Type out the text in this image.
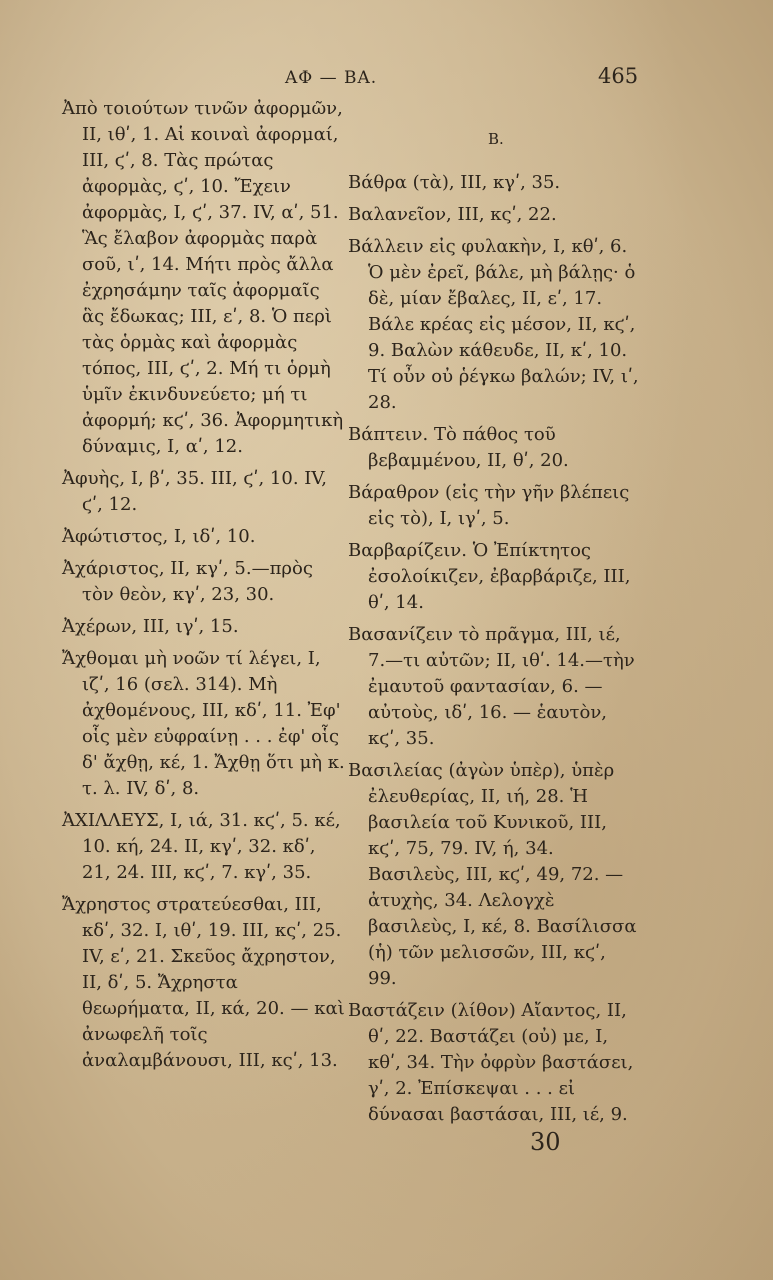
ΑΦ — ΒΑ.	465

Ἀπὸ τοιούτων τινῶν ἀφορμῶν, II, ιθʹ, 1. Αἱ κοιναὶ ἀφορμαί, III, ϛʹ, 8. Τὰς πρώτας ἀφορμὰς, ϛʹ, 10. Ἔχειν ἀφορμὰς, I, ϛʹ, 37. IV, αʹ, 51. Ἃς ἔλαβον ἀφορμὰς παρὰ σοῦ, ιʹ, 14. Μήτι πρὸς ἄλλα ἐχρησάμην ταῖς ἀφορμαῖς ἃς ἔδωκας; III, εʹ, 8. Ὁ περὶ τὰς ὁρμὰς καὶ ἀφορμὰς τόπος, III, ϛʹ, 2. Μή τι ὁρμὴ ὑμῖν ἐκινδυνεύετο; μή τι ἀφορμή; κϛʹ, 36. Ἀφορμητικὴ δύναμις, I, αʹ, 12.

Ἀφυὴς, I, βʹ, 35. III, ϛʹ, 10. IV, ϛʹ, 12.

Ἀφώτιστος, I, ιδʹ, 10.

Ἀχάριστος, II, κγʹ, 5.—πρὸς τὸν θεὸν, κγʹ, 23, 30.

Ἀχέρων, III, ιγʹ, 15.

Ἄχθομαι μὴ νοῶν τί λέγει, I, ιζʹ, 16 (σελ. 314). Μὴ ἀχθομένους, III, κδʹ, 11. Ἐφ' οἷς μὲν εὐφραίνῃ . . . ἐφ' οἷς δ' ἄχθῃ, κέ, 1. Ἄχθῃ ὅτι μὴ κ. τ. λ. IV, δʹ, 8.

ἈΧΙΛΛΕΥΣ, I, ιά, 31. κϛʹ, 5. κέ, 10. κή, 24. II, κγʹ, 32. κδʹ, 21, 24. III, κϛʹ, 7. κγʹ, 35.

Ἄχρηστος στρατεύεσθαι, III, κδʹ, 32. I, ιθʹ, 19. III, κςʹ, 25. IV, εʹ, 21. Σκεῦος ἄχρηστον, II, δʹ, 5. Ἄχρηστα θεωρήματα, II, κά, 20. — καὶ ἀνωφελῆ τοῖς ἀναλαμβάνουσι, III, κςʹ, 13.

Β.

Βάθρα (τὰ), III, κγʹ, 35.

Βαλανεῖον, III, κςʹ, 22.

Βάλλειν εἰς φυλακὴν, I, κθʹ, 6. Ὁ μὲν ἐρεῖ, βάλε, μὴ βάλῃς· ὁ δὲ, μίαν ἔβαλες, II, εʹ, 17. Βάλε κρέας εἰς μέσον, II, κϛʹ, 9. Βαλὼν κάθευδε, II, κʹ, 10. Τί οὖν οὐ ῥέγκω βαλών; IV, ιʹ, 28.

Βάπτειν. Τὸ πάθος τοῦ βεβαμμένου, II, θʹ, 20.

Βάραθρον (εἰς τὴν γῆν βλέπεις εἰς τὸ), I, ιγʹ, 5.

Βαρβαρίζειν. Ὁ Ἐπίκτητος ἐσολοίκιζεν, ἐβαρβάριζε, III, θʹ, 14.

Βασανίζειν τὸ πρᾶγμα, III, ιέ, 7.—τι αὐτῶν; II, ιθʹ. 14.—τὴν ἐμαυτοῦ φαντασίαν, 6. — αὐτοὺς, ιδʹ, 16. — ἑαυτὸν, κϛʹ, 35.

Βασιλείας (ἀγὼν ὑπὲρ), ὑπὲρ ἐλευθερίας, II, ιή, 28. Ἡ βασιλεία τοῦ Κυνικοῦ, III, κϛʹ, 75, 79. IV, ή, 34. Βασιλεὺς, III, κϛʹ, 49, 72. — ἀτυχὴς, 34. Λελογχὲ βασιλεὺς, I, κέ, 8. Βασίλισσα (ἡ) τῶν μελισσῶν, III, κϛʹ, 99.

Βαστάζειν (λίθον) Αἴαντος, II, θʹ, 22. Βαστάζει (οὐ) με, I, κθʹ, 34. Τὴν ὀφρὺν βαστάσει, γʹ, 2. Ἐπίσκεψαι . . . εἰ δύνασαι βαστάσαι, III, ιέ, 9.

30
